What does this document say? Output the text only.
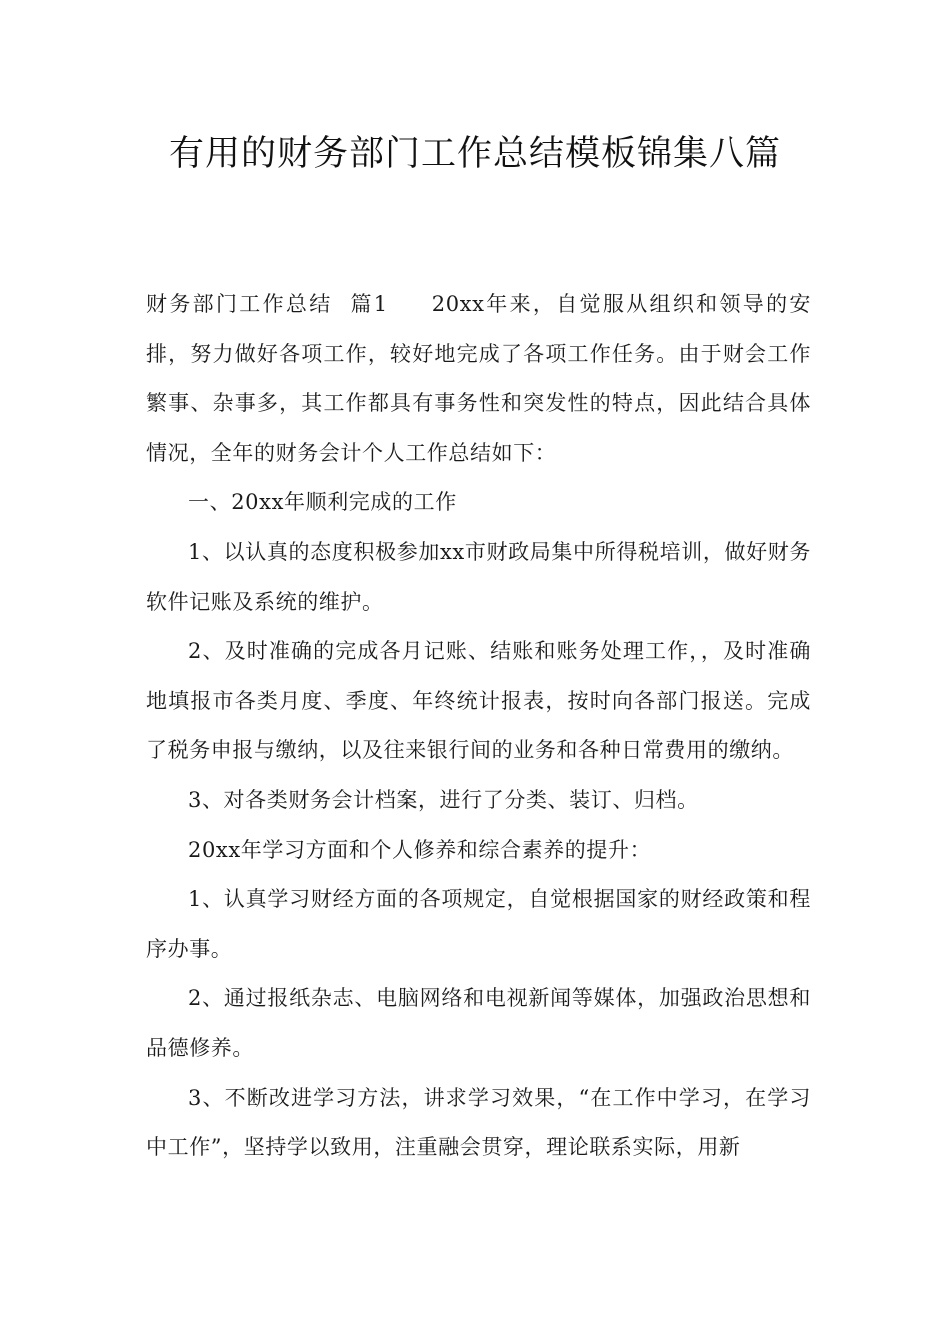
有用的财务部门工作总结模板锦集八篇

财务部门工作总结  篇1 20xx年来，自觉服从组织和领导的安排，努力做好各项工作，较好地完成了各项工作任务。由于财会工作繁事、杂事多，其工作都具有事务性和突发性的特点，因此结合具体情况，全年的财务会计个人工作总结如下：

一、20xx年顺利完成的工作

1、以认真的态度积极参加xx市财政局集中所得税培训，做好财务软件记账及系统的维护。

2、及时准确的完成各月记账、结账和账务处理工作，，及时准确地填报市各类月度、季度、年终统计报表，按时向各部门报送。完成了税务申报与缴纳，以及往来银行间的业务和各种日常费用的缴纳。

3、对各类财务会计档案，进行了分类、装订、归档。

20xx年学习方面和个人修养和综合素养的提升：

1、认真学习财经方面的各项规定，自觉根据国家的财经政策和程序办事。

2、通过报纸杂志、电脑网络和电视新闻等媒体，加强政治思想和品德修养。

3、不断改进学习方法，讲求学习效果，“在工作中学习，在学习中工作”，坚持学以致用，注重融会贯穿，理论联系实际，用新
